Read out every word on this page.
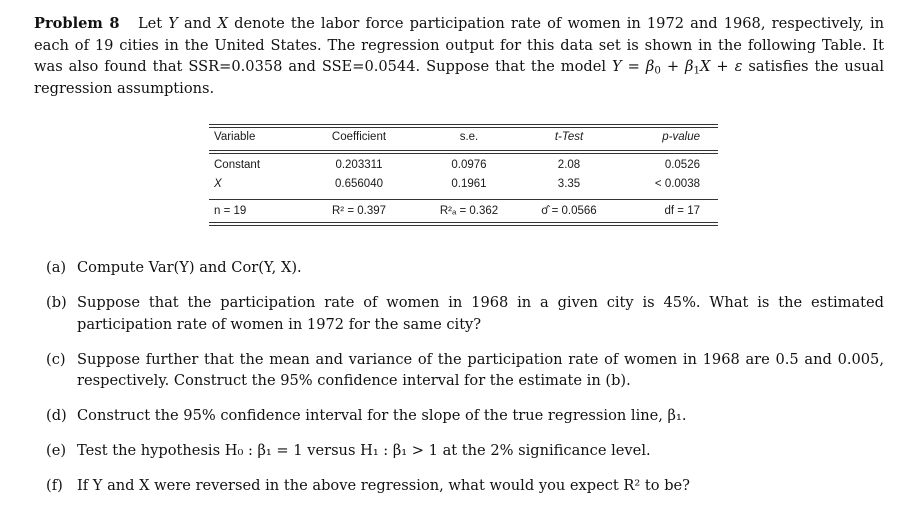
Problem 8 Let Y and X denote the labor force participation rate of women in 1972 and 1968, respectively, in each of 19 cities in the United States. The regression output for this data set is shown in the following Table. It was also found that SSR=0.0358 and SSE=0.0544. Suppose that the model $Y = \beta_0 + \beta_1X + \varepsilon$ satisfies the usual regression assumptions.
Variable	Coefficient	s.e.	t-Test	p-value
Constant	0.203311	0.0976	2.08	0.0526
X	0.656040	0.1961	3.35	< 0.0038
n = 19	R² = 0.397	R²ₐ = 0.362	σ̂ = 0.0566	df = 17
(a) Compute Var(Y) and Cor(Y, X).
(b) Suppose that the participation rate of women in 1968 in a given city is 45%. What is the estimated participation rate of women in 1972 for the same city?
(c) Suppose further that the mean and variance of the participation rate of women in 1968 are 0.5 and 0.005, respectively. Construct the 95% confidence interval for the estimate in (b).
(d) Construct the 95% confidence interval for the slope of the true regression line, β₁.
(e) Test the hypothesis H₀ : β₁ = 1 versus H₁ : β₁ > 1 at the 2% significance level.
(f) If Y and X were reversed in the above regression, what would you expect R² to be?
